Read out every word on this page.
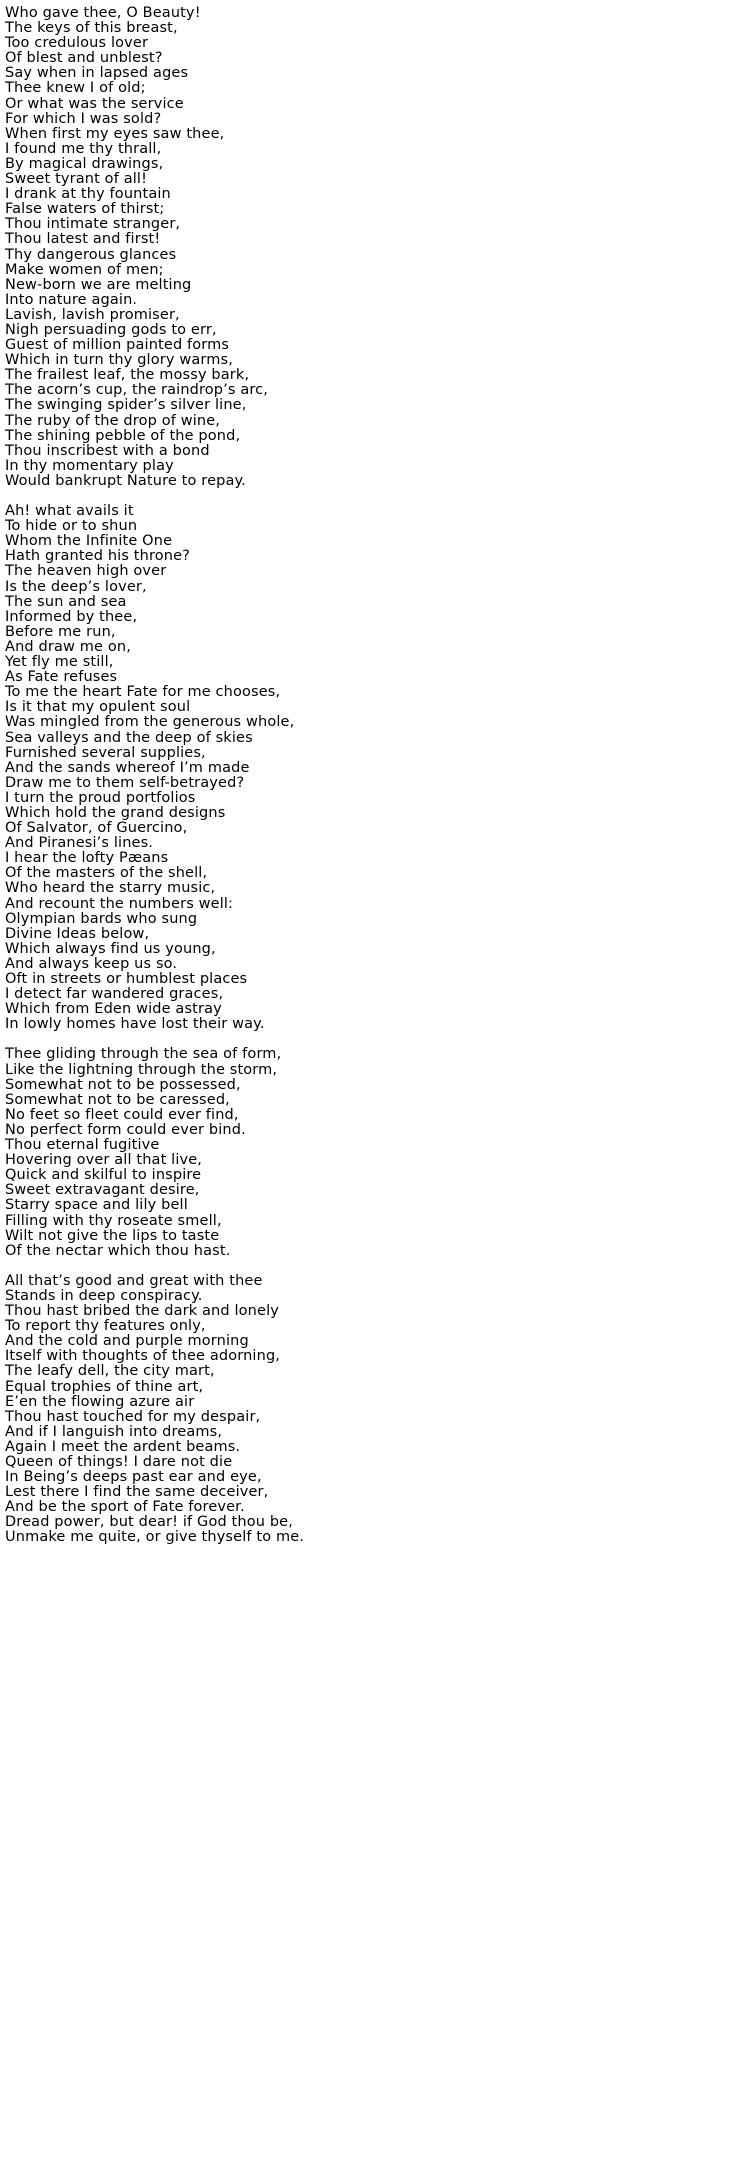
Who gave thee, O Beauty!
The keys of this breast,
Too credulous lover
Of blest and unblest?
Say when in lapsed ages
Thee knew I of old;
Or what was the service
For which I was sold?
When first my eyes saw thee,
I found me thy thrall,
By magical drawings,
Sweet tyrant of all!
I drank at thy fountain
False waters of thirst;
Thou intimate stranger,
Thou latest and first!
Thy dangerous glances
Make women of men;
New-born we are melting
Into nature again.
Lavish, lavish promiser,
Nigh persuading gods to err,
Guest of million painted forms
Which in turn thy glory warms,
The frailest leaf, the mossy bark,
The acorn’s cup, the raindrop’s arc,
The swinging spider’s silver line,
The ruby of the drop of wine,
The shining pebble of the pond,
Thou inscribest with a bond
In thy momentary play
Would bankrupt Nature to repay.
Ah! what avails it
To hide or to shun
Whom the Infinite One
Hath granted his throne?
The heaven high over
Is the deep’s lover,
The sun and sea
Informed by thee,
Before me run,
And draw me on,
Yet fly me still,
As Fate refuses
To me the heart Fate for me chooses,
Is it that my opulent soul
Was mingled from the generous whole,
Sea valleys and the deep of skies
Furnished several supplies,
And the sands whereof I’m made
Draw me to them self-betrayed?
I turn the proud portfolios
Which hold the grand designs
Of Salvator, of Guercino,
And Piranesi’s lines.
I hear the lofty Pæans
Of the masters of the shell,
Who heard the starry music,
And recount the numbers well:
Olympian bards who sung
Divine Ideas below,
Which always find us young,
And always keep us so.
Oft in streets or humblest places
I detect far wandered graces,
Which from Eden wide astray
In lowly homes have lost their way.
Thee gliding through the sea of form,
Like the lightning through the storm,
Somewhat not to be possessed,
Somewhat not to be caressed,
No feet so fleet could ever find,
No perfect form could ever bind.
Thou eternal fugitive
Hovering over all that live,
Quick and skilful to inspire
Sweet extravagant desire,
Starry space and lily bell
Filling with thy roseate smell,
Wilt not give the lips to taste
Of the nectar which thou hast.
All that’s good and great with thee
Stands in deep conspiracy.
Thou hast bribed the dark and lonely
To report thy features only,
And the cold and purple morning
Itself with thoughts of thee adorning,
The leafy dell, the city mart,
Equal trophies of thine art,
E’en the flowing azure air
Thou hast touched for my despair,
And if I languish into dreams,
Again I meet the ardent beams.
Queen of things! I dare not die
In Being’s deeps past ear and eye,
Lest there I find the same deceiver,
And be the sport of Fate forever.
Dread power, but dear! if God thou be,
Unmake me quite, or give thyself to me.
